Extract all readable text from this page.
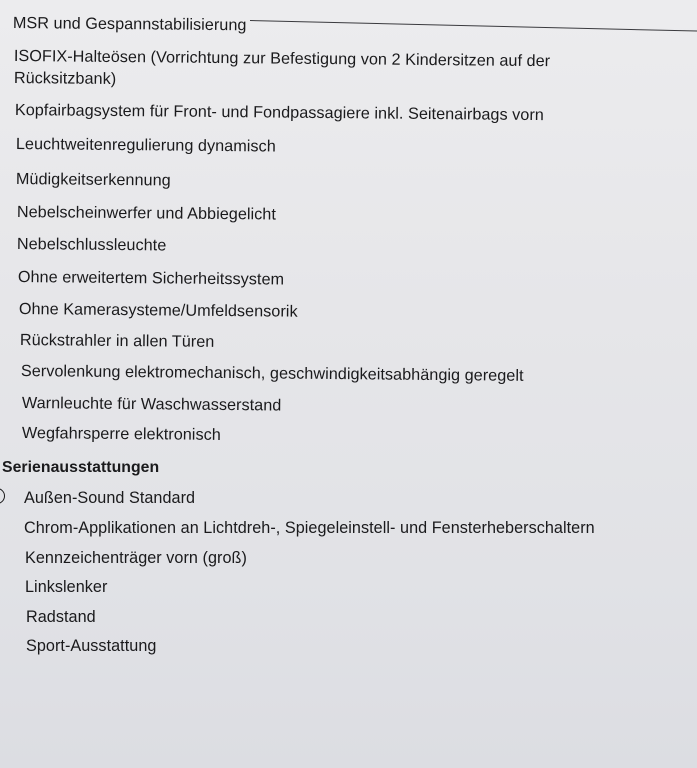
MSR und Gespannstabilisierung

ISOFIX-Halteösen (Vorrichtung zur Befestigung von 2 Kindersitzen auf der

Rücksitzbank)

Kopfairbagsystem für Front- und Fondpassagiere inkl. Seitenairbags vorn

Leuchtweitenregulierung dynamisch

Müdigkeitserkennung

Nebelscheinwerfer und Abbiegelicht

Nebelschlussleuchte

Ohne erweitertem Sicherheitssystem

Ohne Kamerasysteme/Umfeldsensorik

Rückstrahler in allen Türen

Servolenkung elektromechanisch, geschwindigkeitsabhängig geregelt

Warnleuchte für Waschwasserstand

Wegfahrsperre elektronisch

Serienausstattungen

Außen-Sound Standard

Chrom-Applikationen an Lichtdreh-, Spiegeleinstell- und Fensterheberschaltern

Kennzeichenträger vorn (groß)

Linkslenker

Radstand

Sport-Ausstattung
